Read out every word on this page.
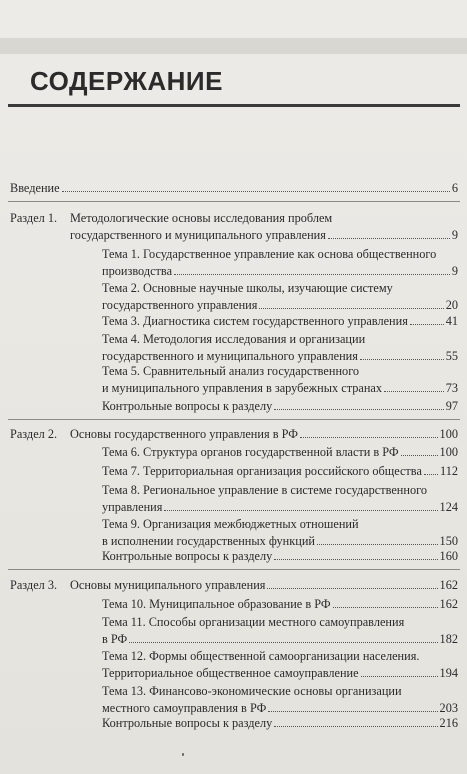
СОДЕРЖАНИЕ
Введение	6
Раздел 1. Методологические основы исследования проблем
государственного и муниципального управления	9
Тема 1. Государственное управление как основа общественного
производства	9
Тема 2. Основные научные школы, изучающие систему
государственного управления	20
Тема 3. Диагностика систем государственного управления	41
Тема 4. Методология исследования и организации
государственного и муниципального управления	55
Тема 5. Сравнительный анализ государственного
и муниципального управления в зарубежных странах	73
Контрольные вопросы к разделу	97
Раздел 2. Основы государственного управления в РФ	100
Тема 6. Структура органов государственной власти в РФ	100
Тема 7. Территориальная организация российского общества 112
Тема 8. Региональное управление в системе государственного
управления	124
Тема 9. Организация межбюджетных отношений
в исполнении государственных функций	150
Контрольные вопросы к разделу	160
Раздел 3. Основы муниципального управления	162
Тема 10. Муниципальное образование в РФ	162
Тема 11. Способы организации местного самоуправления
в РФ	182
Тема 12. Формы общественной самоорганизации населения.
Территориальное общественное самоуправление	194
Тема 13. Финансово-экономические основы организации
местного самоуправления в РФ	203
Контрольные вопросы к разделу	216
